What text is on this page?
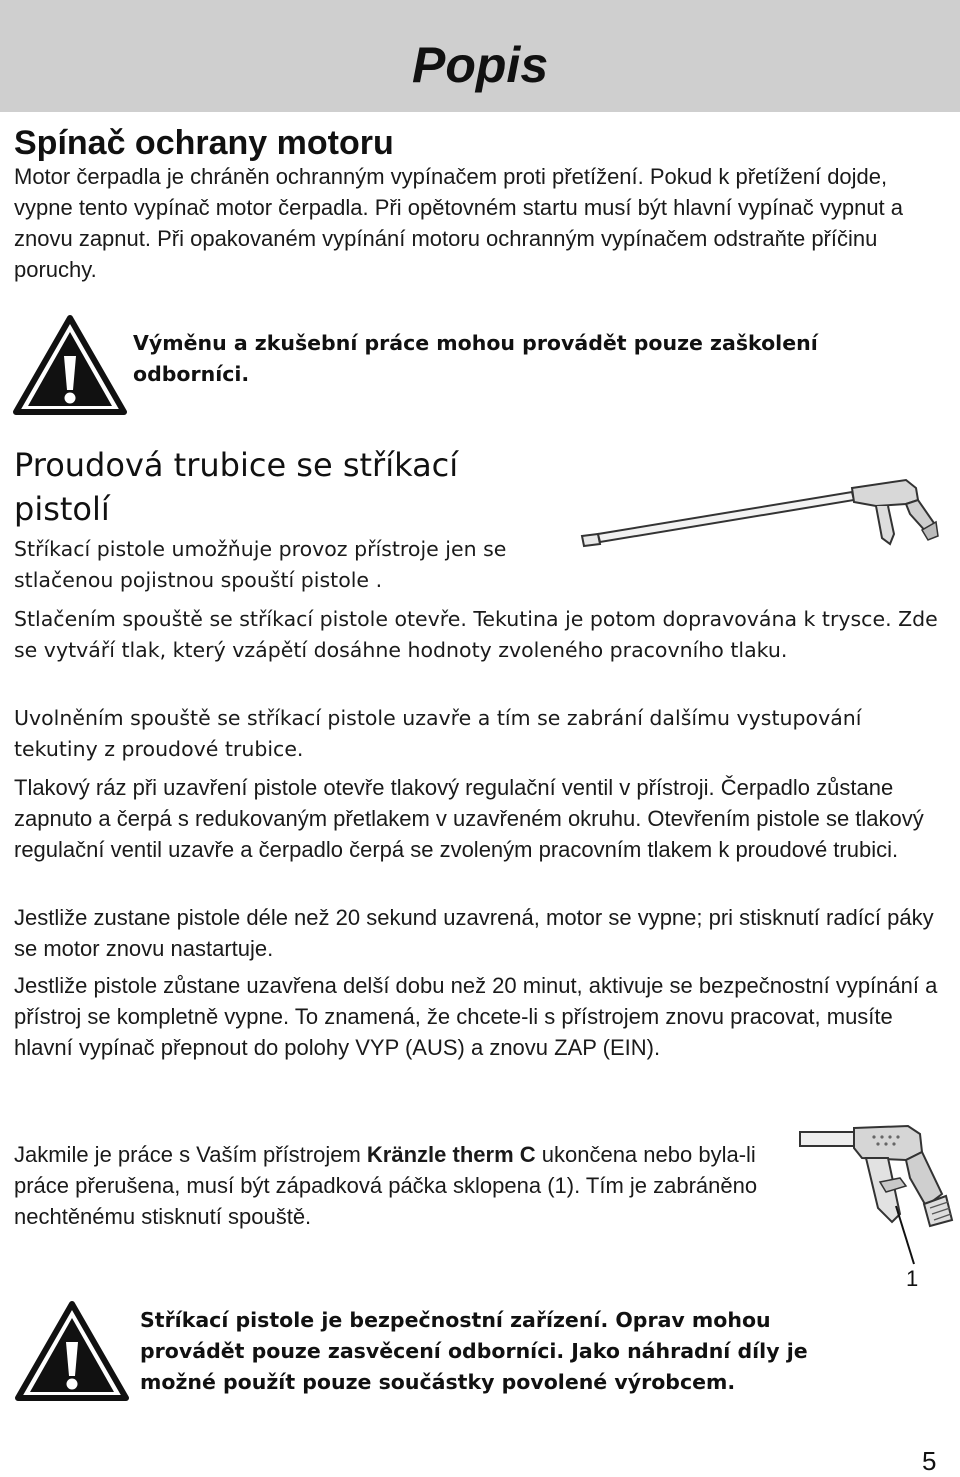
Popis
Spínač ochrany motoru
Motor čerpadla je chráněn ochranným vypínačem proti přetížení. Pokud k přetížení dojde, vypne tento vypínač motor čerpadla. Při opětovném startu musí být hlavní vypínač vypnut a znovu zapnut. Při opakovaném vypínání motoru ochranným vypínačem odstraňte příčinu poruchy.
Výměnu a zkušební práce mohou provádět pouze zaškolení odborníci.
Proudová trubice se stříkací
pistolí
Stříkací pistole umožňuje provoz přístroje jen se stlačenou pojistnou spouští pistole .
Stlačením spouště se stříkací pistole otevře. Tekutina je potom dopravována k trysce. Zde se vytváří tlak, který vzápětí dosáhne hodnoty zvoleného pracovního tlaku.
Uvolněním spouště se stříkací pistole uzavře a tím se zabrání dalšímu vystupování tekutiny z proudové trubice.
Tlakový ráz při uzavření pistole otevře tlakový regulační ventil v přístroji. Čerpadlo zůstane zapnuto a čerpá s redukovaným přetlakem v uzavřeném okruhu. Otevřením pistole se tlakový regulační ventil uzavře a čerpadlo čerpá se zvoleným pracovním tlakem k proudové trubici.
Jestliže zustane pistole déle než 20 sekund uzavrená, motor se vypne; pri stisknutí radící páky se motor znovu nastartuje.
Jestliže pistole zůstane uzavřena delší dobu než 20 minut, aktivuje se bezpečnostní vypínání a přístroj se kompletně vypne. To znamená, že chcete-li s přístrojem znovu pracovat, musíte hlavní vypínač přepnout do polohy VYP (AUS) a znovu ZAP (EIN).
Jakmile je práce s Vaším přístrojem Kränzle therm C ukončena nebo byla-li práce přerušena, musí být západková páčka sklopena (1). Tím je zabráněno nechtěnému stisknutí spouště.
1
Stříkací pistole je bezpečnostní zařízení. Oprav mohou provádět pouze zasvěcení odborníci. Jako náhradní díly je možné použít pouze součástky povolené výrobcem.
5
